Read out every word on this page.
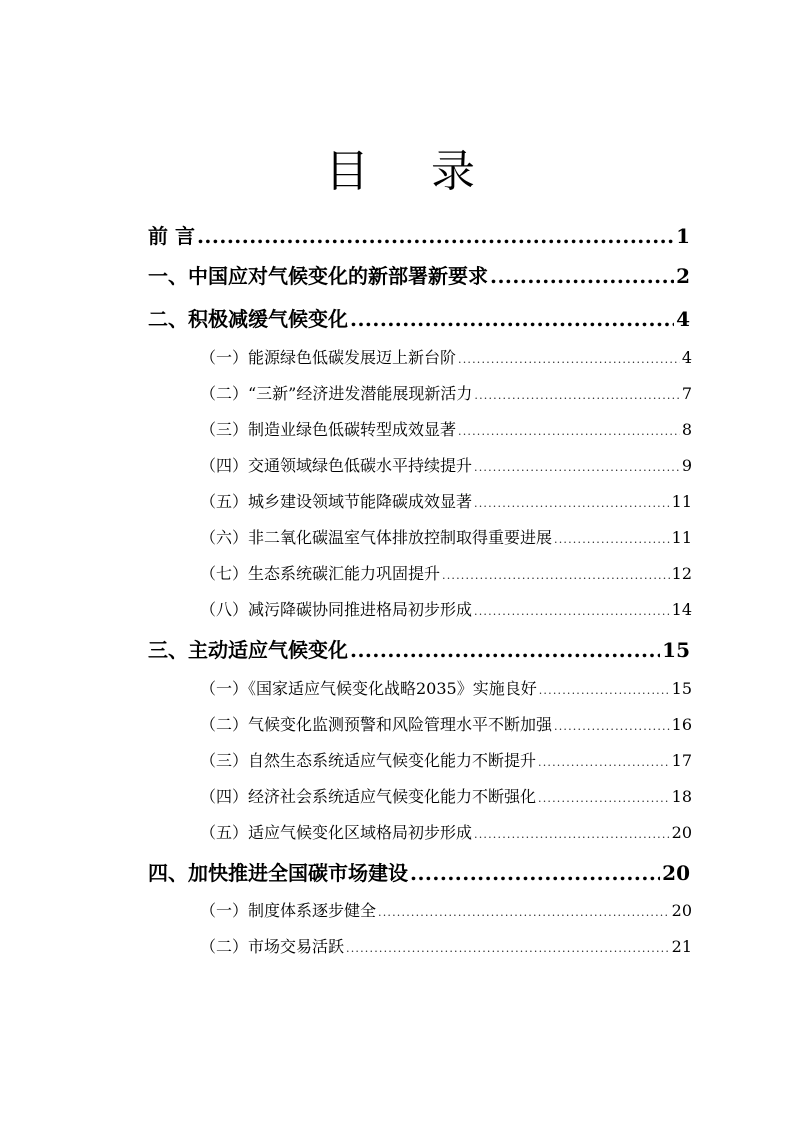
目 录
前 言 .....	1
一、中国应对气候变化的新部署新要求 .....	2
二、积极减缓气候变化 .....	4
（一）能源绿色低碳发展迈上新台阶 .....	4
（二）“三新”经济进发潜能展现新活力 .....	7
（三）制造业绿色低碳转型成效显著 .....	8
（四）交通领域绿色低碳水平持续提升 .....	9
（五）城乡建设领域节能降碳成效显著 .....	11
（六）非二氧化碳温室气体排放控制取得重要进展 .....	11
（七）生态系统碳汇能力巩固提升 .....	12
（八）减污降碳协同推进格局初步形成 .....	14
三、主动适应气候变化 .....	15
（一）《国家适应气候变化战略2035》实施良好 .....	15
（二）气候变化监测预警和风险管理水平不断加强 .....	16
（三）自然生态系统适应气候变化能力不断提升 .....	17
（四）经济社会系统适应气候变化能力不断强化 .....	18
（五）适应气候变化区域格局初步形成 .....	20
四、加快推进全国碳市场建设 .....	20
（一）制度体系逐步健全 .....	20
（二）市场交易活跃 .....	21
